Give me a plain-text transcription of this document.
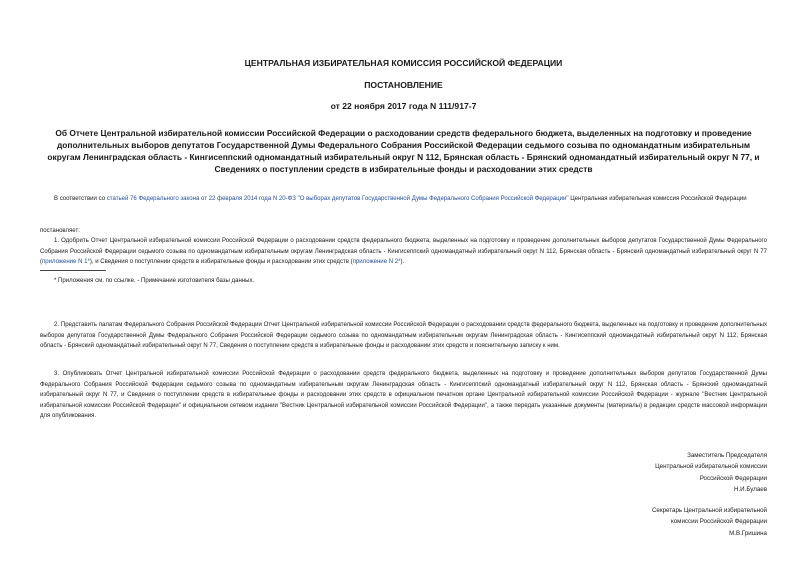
ЦЕНТРАЛЬНАЯ ИЗБИРАТЕЛЬНАЯ КОМИССИЯ РОССИЙСКОЙ ФЕДЕРАЦИИ
ПОСТАНОВЛЕНИЕ
от 22 ноября 2017 года N 111/917-7
Об Отчете Центральной избирательной комиссии Российской Федерации о расходовании средств федерального бюджета, выделенных на подготовку и проведение дополнительных выборов депутатов Государственной Думы Федерального Собрания Российской Федерации седьмого созыва по одномандатным избирательным округам Ленинградская область - Кингисеппский одномандатный избирательный округ N 112, Брянская область - Брянский одномандатный избирательный округ N 77, и Сведениях о поступлении средств в избирательные фонды и расходовании этих средств
В соответствии со статьей 76 Федерального закона от 22 февраля 2014 года N 20-ФЗ "О выборах депутатов Государственной Думы Федерального Собрания Российской Федерации" Центральная избирательная комиссия Российской Федерации
постановляет:
1. Одобрить Отчет Центральной избирательной комиссии Российской Федерации о расходовании средств федерального бюджета, выделенных на подготовку и проведение дополнительных выборов депутатов Государственной Думы Федерального Собрания Российской Федерации седьмого созыва по одномандатным избирательным округам Ленинградская область - Кингисеппский одномандатный избирательный округ N 112, Брянская область - Брянский одномандатный избирательный округ N 77 (приложение N 1*), и Сведения о поступлении средств в избирательные фонды и расходовании этих средств (приложение N 2*).
* Приложения см. по ссылке. - Примечание изготовителя базы данных.
2. Представить палатам Федерального Собрания Российской Федерации Отчет Центральной избирательной комиссии Российской Федерации о расходовании средств федерального бюджета, выделенных на подготовку и проведение дополнительных выборов депутатов Государственной Думы Федерального Собрания Российской Федерации седьмого созыва по одномандатным избирательным округам Ленинградская область - Кингисеппский одномандатный избирательный округ N 112, Брянская область - Брянский одномандатный избирательный округ N 77, Сведения о поступлении средств в избирательные фонды и расходовании этих средств и пояснительную записку к ним.
3. Опубликовать Отчет Центральной избирательной комиссии Российской Федерации о расходовании средств федерального бюджета, выделенных на подготовку и проведение дополнительных выборов депутатов Государственной Думы Федерального Собрания Российской Федерации седьмого созыва по одномандатным избирательным округам Ленинградская область - Кингисеппский одномандатный избирательный округ N 112, Брянская область - Брянский одномандатный избирательный округ N 77, и Сведения о поступлении средств в избирательные фонды и расходовании этих средств в официальном печатном органе Центральной избирательной комиссии Российской Федерации - журнале "Вестник Центральной избирательной комиссии Российской Федерации" и официальном сетевом издании "Вестник Центральной избирательной комиссии Российской Федерации", а также передать указанные документы (материалы) в редакции средств массовой информации для опубликования.
Заместитель Председателя
Центральной избирательной комиссии
Российской Федерации
Н.И.Булаев
Секретарь Центральной избирательной
комиссии Российской Федерации
М.В.Гришина
